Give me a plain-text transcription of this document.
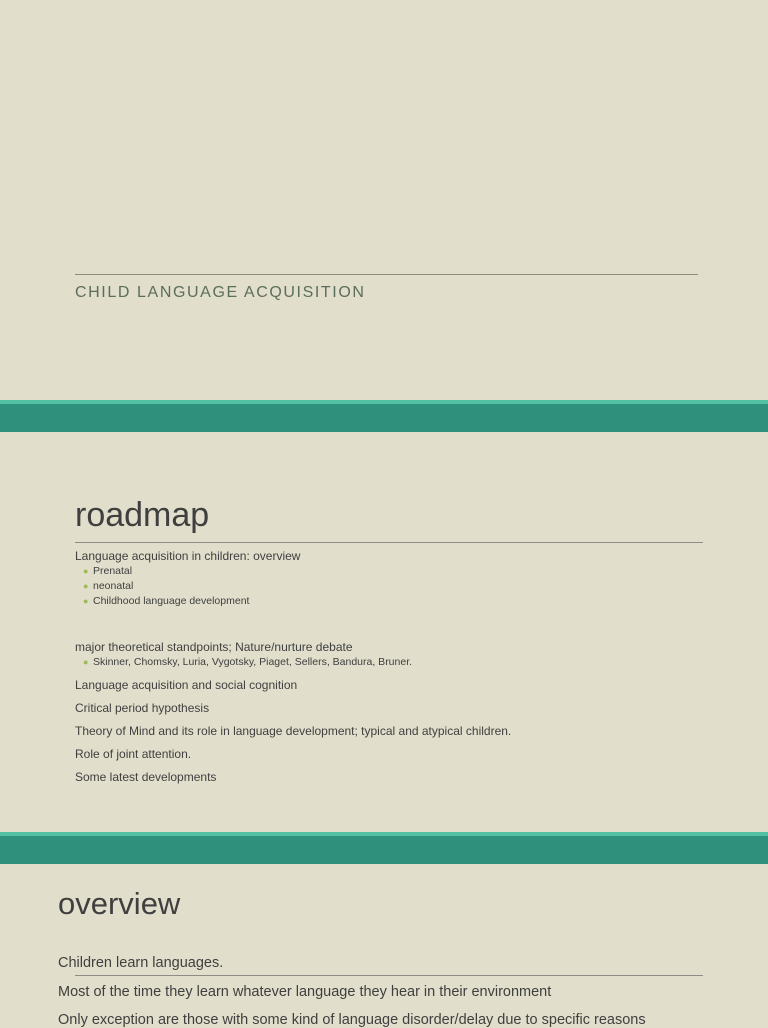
CHILD LANGUAGE ACQUISITION
roadmap
Language acquisition in children: overview
● Prenatal
● neonatal
● Childhood language development
major theoretical standpoints; Nature/nurture debate
● Skinner, Chomsky, Luria, Vygotsky, Piaget, Sellers, Bandura, Bruner.
Language acquisition and social cognition
Critical period hypothesis
Theory of Mind and its role in language development; typical and atypical children.
Role of joint attention.
Some latest developments
overview
Children learn languages.
Most of the time they learn whatever language they hear in their environment
Only exception are those with some kind of language disorder/delay due to specific reasons
